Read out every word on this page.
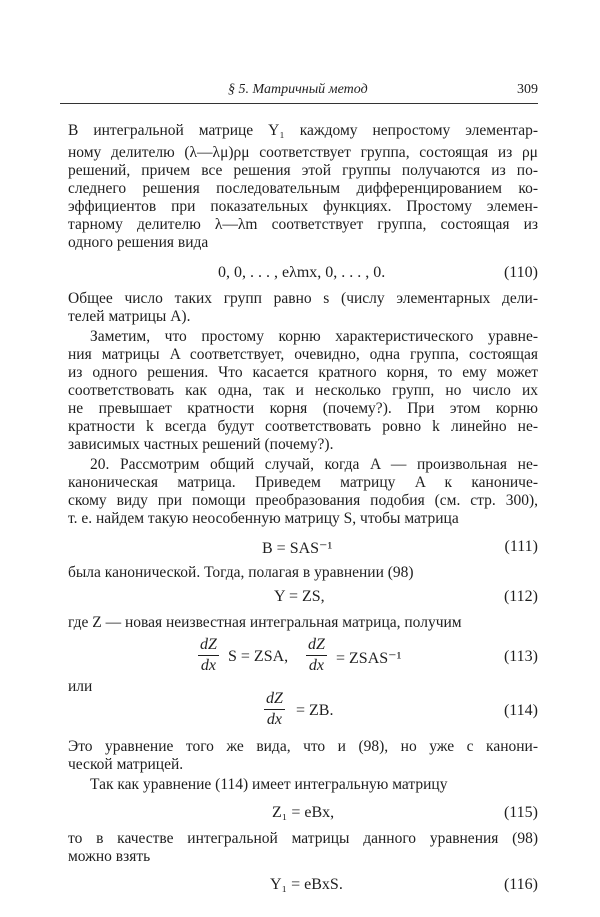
§ 5. Матричный метод	309
В интегральной матрице Y₁ каждому непростому элементар-
ному делителю (λ—λμ)ρμ соответствует группа, состоящая из ρμ
решений, причем все решения этой группы получаются из по-
следнего решения последовательным дифференцированием ко-
эффициентов при показательных функциях. Простому элемен-
тарному делителю λ—λm соответствует группа, состоящая из
одного решения вида
0, 0, . . . , eλmx, 0, . . . , 0.	(110)
Общее число таких групп равно s (числу элементарных дели-
телей матрицы A).
Заметим, что простому корню характеристического уравне-
ния матрицы A соответствует, очевидно, одна группа, состоящая
из одного решения. Что касается кратного корня, то ему может
соответствовать как одна, так и несколько групп, но число их
не превышает кратности корня (почему?). При этом корню
кратности k всегда будут соответствовать ровно k линейно не-
зависимых частных решений (почему?).
20. Рассмотрим общий случай, когда A — произвольная не-
каноническая матрица. Приведем матрицу A к канониче-
скому виду при помощи преобразования подобия (см. стр. 300),
т. е. найдем такую неособенную матрицу S, чтобы матрица
B = SAS⁻¹	(111)
была канонической. Тогда, полагая в уравнении (98)
Y = ZS,	(112)
где Z — новая неизвестная интегральная матрица, получим
$\frac{dZ}{dx}$ S = ZSA, $\frac{dZ}{dx}$ = ZSAS⁻¹	(113)
или
$\frac{dZ}{dx}$ = ZB.	(114)
Это уравнение того же вида, что и (98), но уже с канони-
ческой матрицей.
Так как уравнение (114) имеет интегральную матрицу
Z₁ = eBx,	(115)
то в качестве интегральной матрицы данного уравнения (98)
можно взять
Y₁ = eBxS.	(116)
